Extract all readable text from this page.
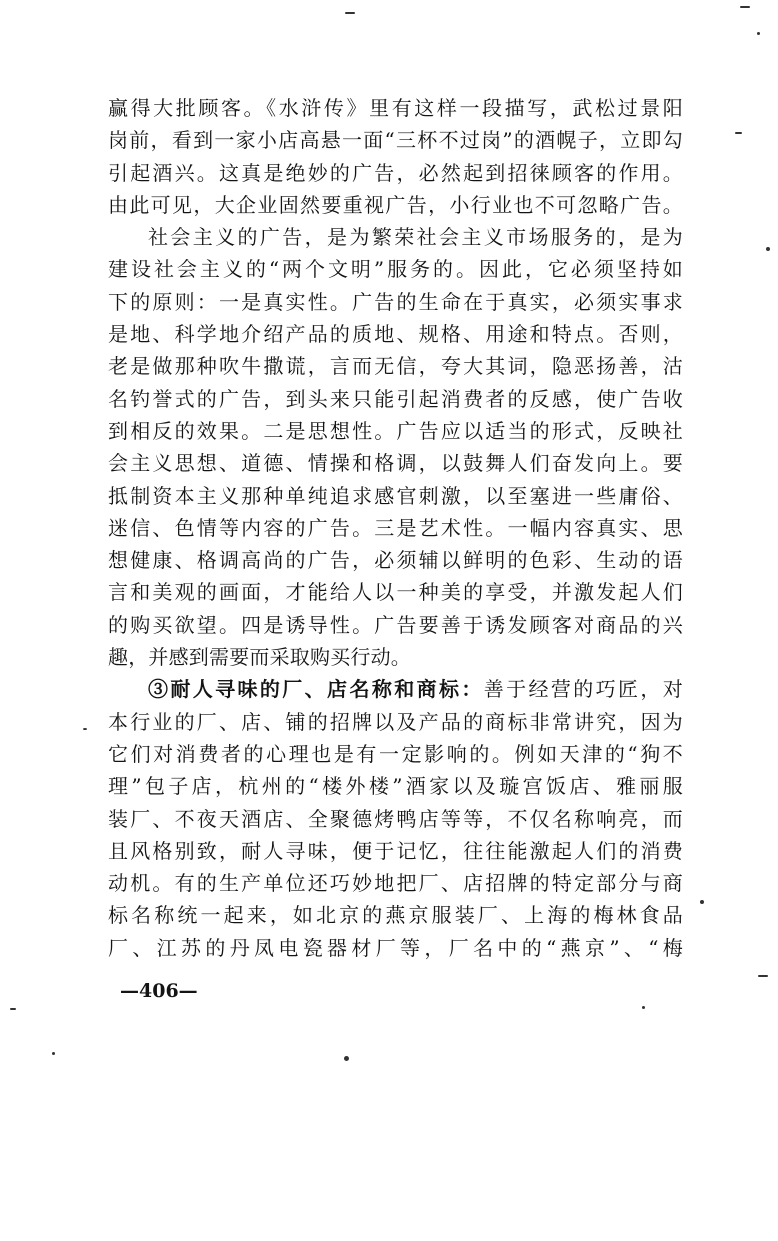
赢得大批顾客。《水浒传》里有这样一段描写，武松过景阳
岗前，看到一家小店高悬一面“三杯不过岗”的酒幌子，立即勾
引起酒兴。这真是绝妙的广告，必然起到招徕顾客的作用。
由此可见，大企业固然要重视广告，小行业也不可忽略广告。
社会主义的广告，是为繁荣社会主义市场服务的，是为
建设社会主义的“两个文明”服务的。因此，它必须坚持如
下的原则：一是真实性。广告的生命在于真实，必须实事求
是地、科学地介绍产品的质地、规格、用途和特点。否则，
老是做那种吹牛撒谎，言而无信，夸大其词，隐恶扬善，沽
名钓誉式的广告，到头来只能引起消费者的反感，使广告收
到相反的效果。二是思想性。广告应以适当的形式，反映社
会主义思想、道德、情操和格调，以鼓舞人们奋发向上。要
抵制资本主义那种单纯追求感官刺激，以至塞进一些庸俗、
迷信、色情等内容的广告。三是艺术性。一幅内容真实、思
想健康、格调高尚的广告，必须辅以鲜明的色彩、生动的语
言和美观的画面，才能给人以一种美的享受，并激发起人们
的购买欲望。四是诱导性。广告要善于诱发顾客对商品的兴
趣，并感到需要而采取购买行动。
③耐人寻味的厂、店名称和商标：善于经营的巧匠，对
本行业的厂、店、铺的招牌以及产品的商标非常讲究，因为
它们对消费者的心理也是有一定影响的。例如天津的“狗不
理”包子店，杭州的“楼外楼”酒家以及璇宫饭店、雅丽服
装厂、不夜天酒店、全聚德烤鸭店等等，不仅名称响亮，而
且风格别致，耐人寻味，便于记忆，往往能激起人们的消费
动机。有的生产单位还巧妙地把厂、店招牌的特定部分与商
标名称统一起来，如北京的燕京服装厂、上海的梅林食品
厂、江苏的丹凤电瓷器材厂等，厂名中的“燕京”、“梅
—406—
